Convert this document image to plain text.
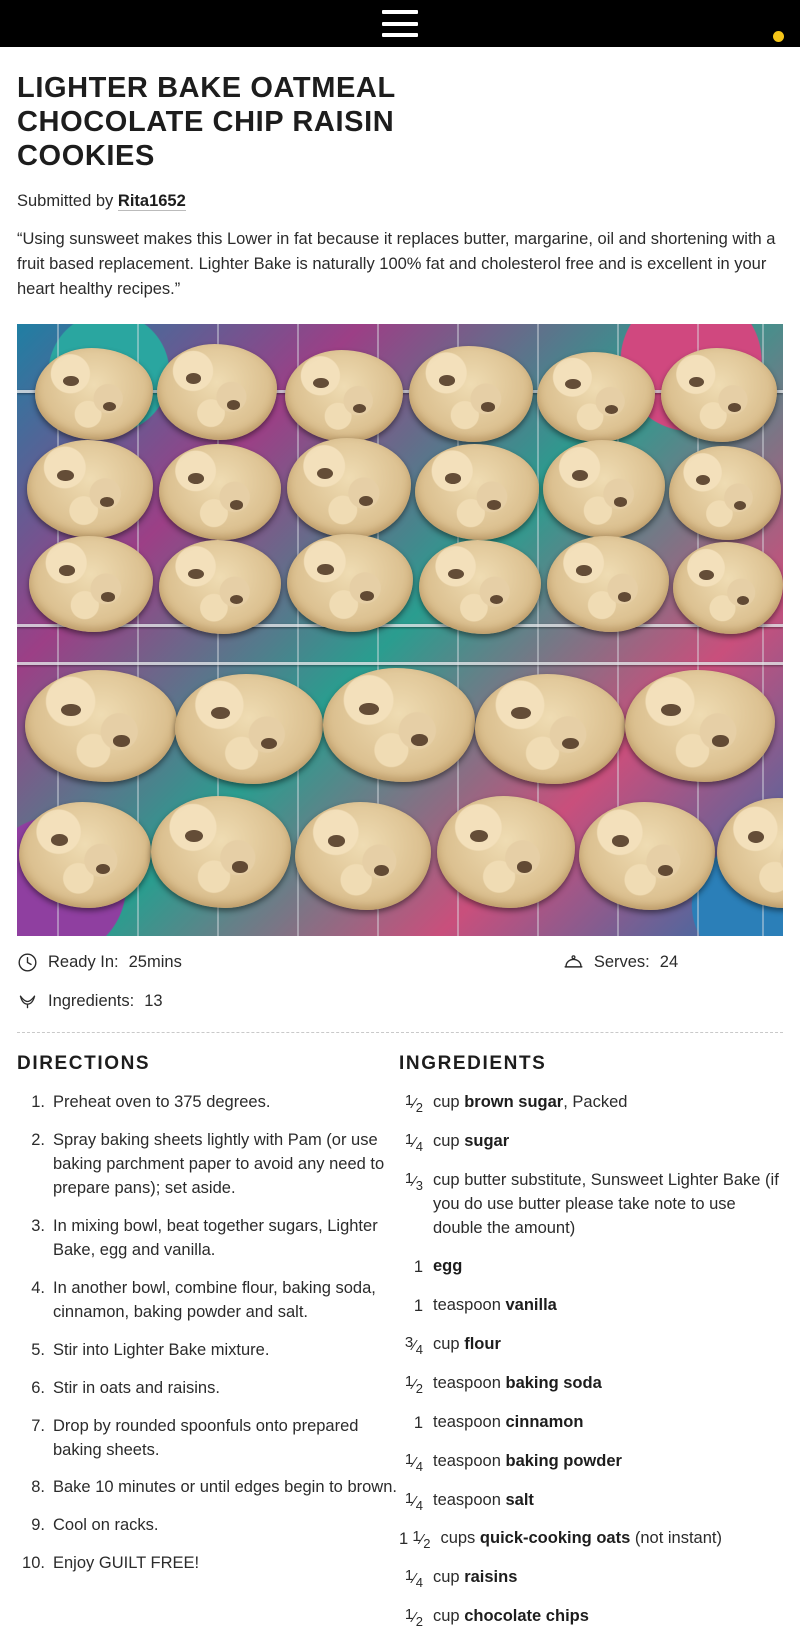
LIGHTER BAKE OATMEAL CHOCOLATE CHIP RAISIN COOKIES
Submitted by Rita1652

“Using sunsweet makes this Lower in fat because it replaces butter, margarine, oil and shortening with a fruit based replacement. Lighter Bake is naturally 100% fat and cholesterol free and is excellent in your heart healthy recipes.”

Ready In: 25mins	Serves: 24
Ingredients: 13
DIRECTIONS
Preheat oven to 375 degrees.
Spray baking sheets lightly with Pam (or use baking parchment paper to avoid any need to prepare pans); set aside.
In mixing bowl, beat together sugars, Lighter Bake, egg and vanilla.
In another bowl, combine flour, baking soda, cinnamon, baking powder and salt.
Stir into Lighter Bake mixture.
Stir in oats and raisins.
Drop by rounded spoonfuls onto prepared baking sheets.
Bake 10 minutes or until edges begin to brown.
Cool on racks.
Enjoy GUILT FREE!
INGREDIENTS
1⁄2 cup brown sugar, Packed
1⁄4 cup sugar
1⁄3 cup butter substitute, Sunsweet Lighter Bake (if you do use butter please take note to use double the amount)
1 egg
1 teaspoon vanilla
3⁄4 cup flour
1⁄2 teaspoon baking soda
1 teaspoon cinnamon
1⁄4 teaspoon baking powder
1⁄4 teaspoon salt
1 1⁄2 cups quick-cooking oats (not instant)
1⁄4 cup raisins
1⁄2 cup chocolate chips
